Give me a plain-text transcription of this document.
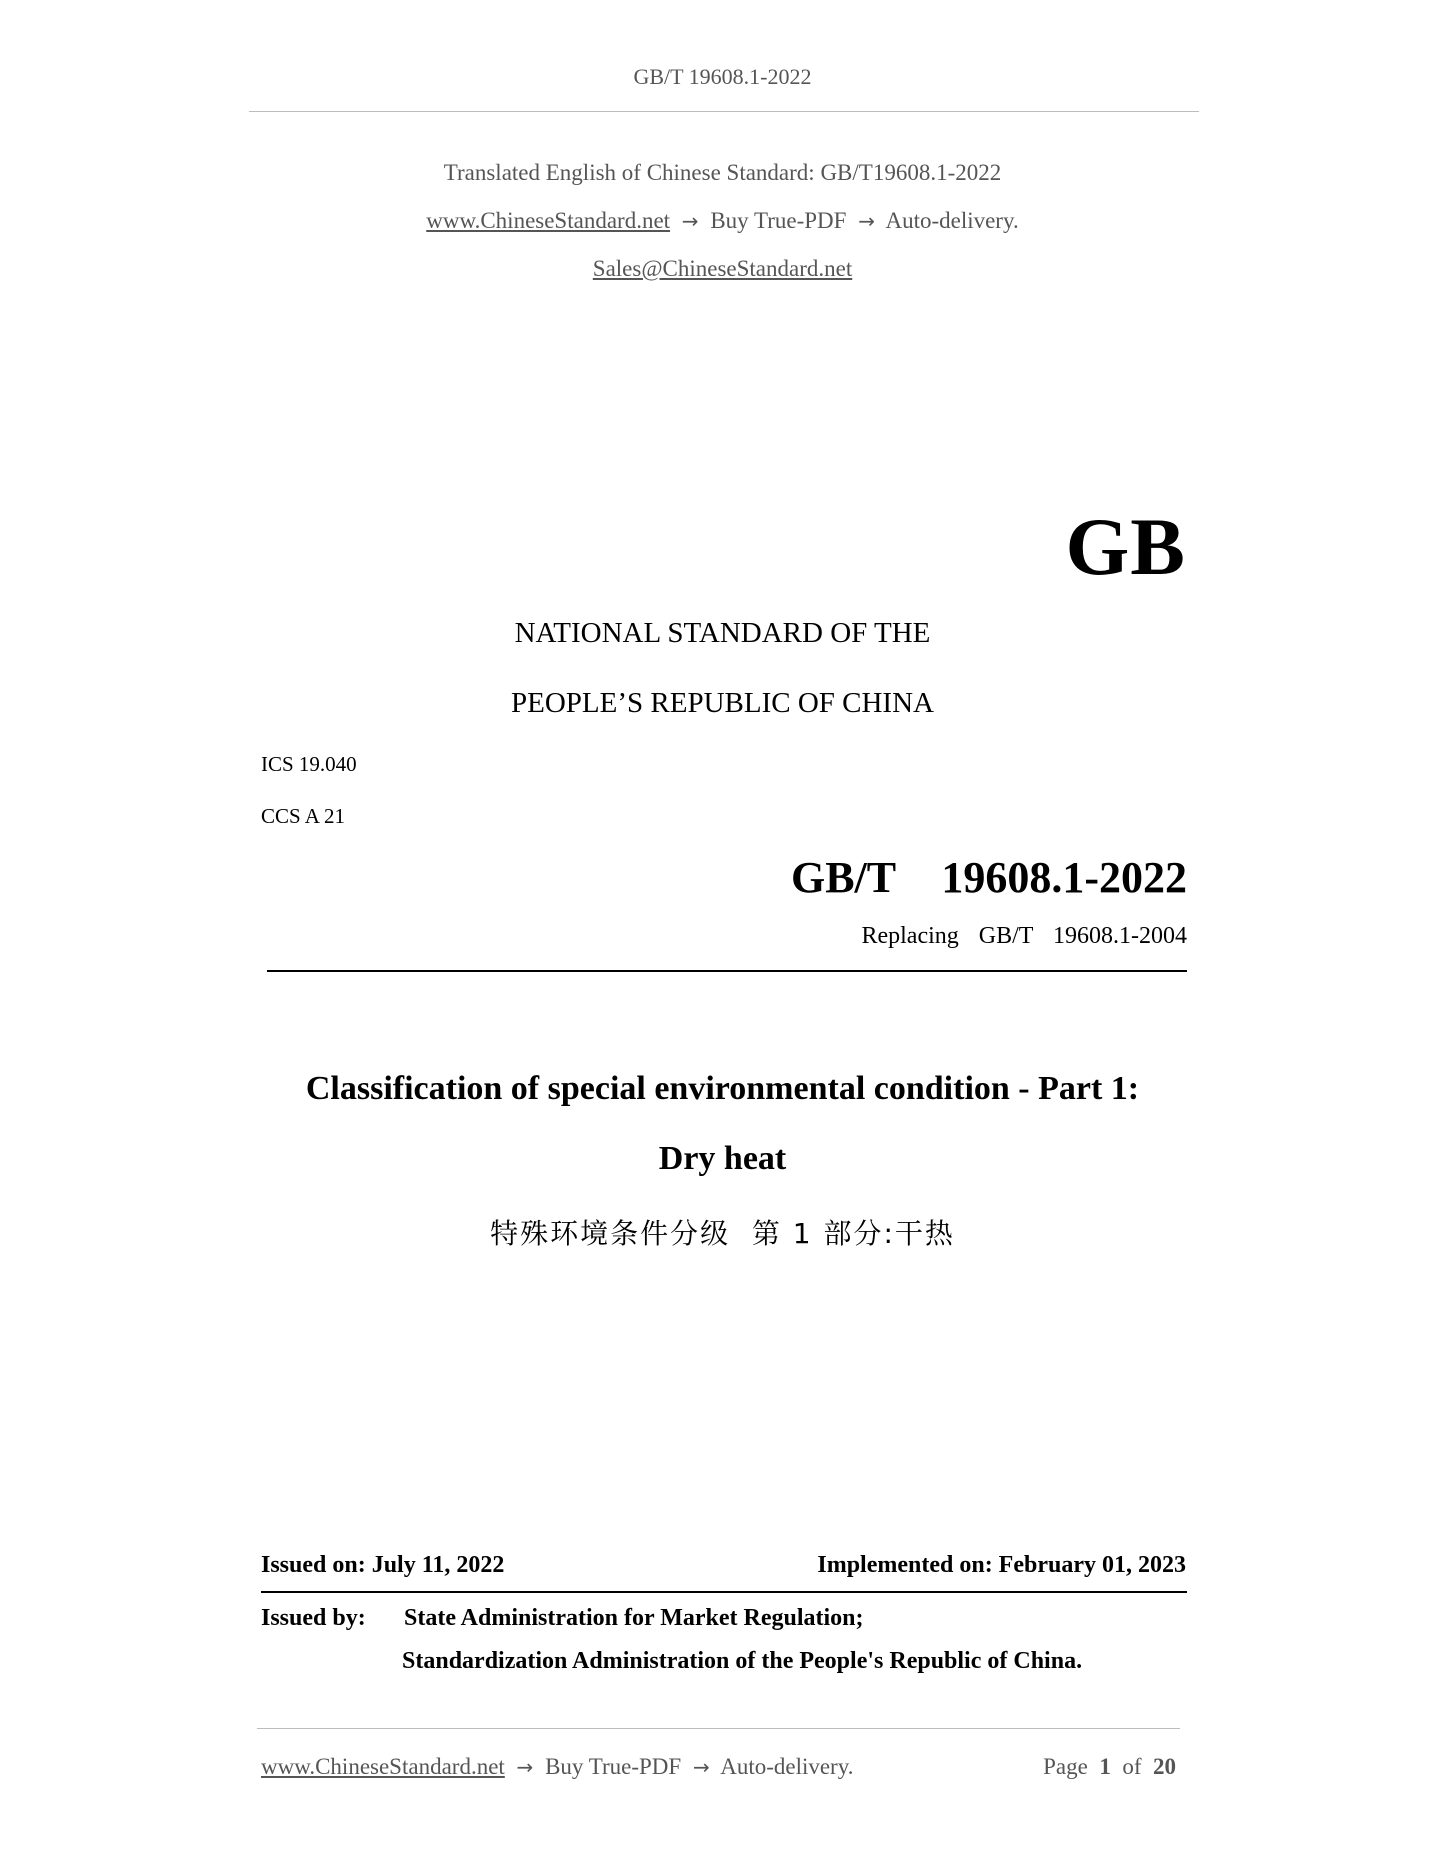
GB/T 19608.1-2022
Translated English of Chinese Standard: GB/T19608.1-2022
www.ChineseStandard.net → Buy True-PDF → Auto-delivery.
Sales@ChineseStandard.net
GB
NATIONAL STANDARD OF THE
PEOPLE’S REPUBLIC OF CHINA
ICS 19.040
CCS A 21
GB/T  19608.1-2022
Replacing  GB/T  19608.1-2004
Classification of special environmental condition - Part 1:
Dry heat
特殊环境条件分级  第 1 部分:干热
Issued on: July 11, 2022	Implemented on: February 01, 2023
Issued by: State Administration for Market Regulation;
Standardization Administration of the People's Republic of China.
www.ChineseStandard.net → Buy True-PDF → Auto-delivery.	Page 1 of 20
